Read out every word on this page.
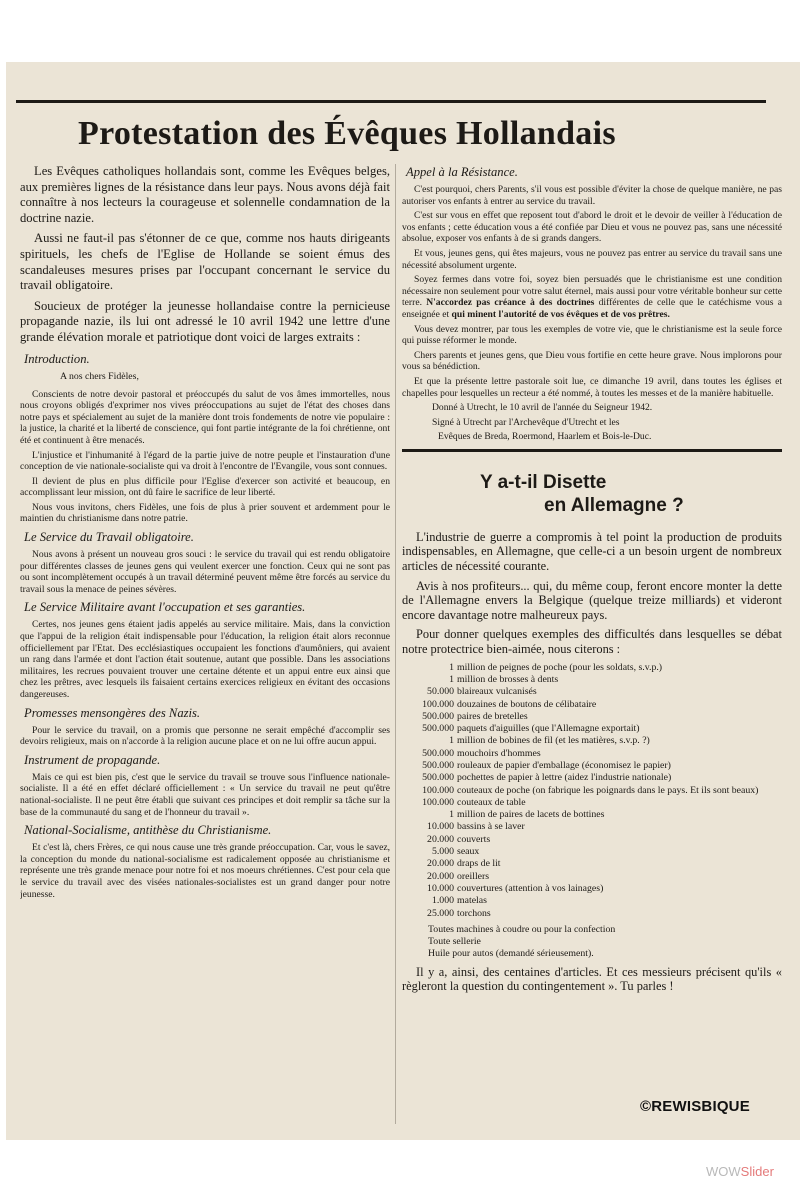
Protestation des Évêques Hollandais

Les Evêques catholiques hollandais sont, comme les Evêques belges, aux premières lignes de la résistance dans leur pays. Nous avons déjà fait connaître à nos lecteurs la courageuse et solennelle condamnation de la doctrine nazie.

Aussi ne faut-il pas s'étonner de ce que, comme nos hauts dirigeants spirituels, les chefs de l'Eglise de Hollande se soient émus des scandaleuses mesures prises par l'occupant concernant le service du travail obligatoire.

Soucieux de protéger la jeunesse hollandaise contre la pernicieuse propagande nazie, ils lui ont adressé le 10 avril 1942 une lettre d'une grande élévation morale et patriotique dont voici de larges extraits :

Introduction.
A nos chers Fidèles,

Conscients de notre devoir pastoral et préoccupés du salut de vos âmes immortelles, nous nous croyons obligés d'exprimer nos vives préoccupations au sujet de l'état des choses dans notre pays et spécialement au sujet de la manière dont trois fondements de notre vie populaire : la justice, la charité et la liberté de conscience, qui font partie intégrante de la foi chrétienne, ont été et continuent à être menacés.

L'injustice et l'inhumanité à l'égard de la partie juive de notre peuple et l'instauration d'une conception de vie nationale-socialiste qui va droit à l'encontre de l'Evangile, vous sont connues.

Il devient de plus en plus difficile pour l'Eglise d'exercer son activité et beaucoup, en accomplissant leur mission, ont dû faire le sacrifice de leur liberté.

Nous vous invitons, chers Fidèles, une fois de plus à prier souvent et ardemment pour le maintien du christianisme dans notre patrie.

Le Service du Travail obligatoire.

Nous avons à présent un nouveau gros souci : le service du travail qui est rendu obligatoire pour différentes classes de jeunes gens qui veulent exercer une fonction. Ceux qui ne sont pas ou sont incomplètement occupés à un travail déterminé peuvent même être forcés au service du travail sous la menace de peines sévères.

Le Service Militaire avant l'occupation et ses garanties.

Certes, nos jeunes gens étaient jadis appelés au service militaire. Mais, dans la conviction que l'appui de la religion était indispensable pour l'éducation, la religion était alors reconnue officiellement par l'Etat. Des ecclésiastiques occupaient les fonctions d'aumôniers, qui avaient un rang dans l'armée et dont l'action était soutenue, autant que possible. Dans les associations militaires, les recrues pouvaient trouver une certaine détente et un appui entre eux ainsi que chez les prêtres, avec lesquels ils faisaient certains exercices religieux en évitant des occasions dangereuses.

Promesses mensongères des Nazis.

Pour le service du travail, on a promis que personne ne serait empêché d'accomplir ses devoirs religieux, mais on n'accorde à la religion aucune place et on ne lui offre aucun appui.

Instrument de propagande.

Mais ce qui est bien pis, c'est que le service du travail se trouve sous l'influence nationale-socialiste. Il a été en effet déclaré officiellement : « Un service du travail ne peut qu'être national-socialiste. Il ne peut être établi que suivant ces principes et doit remplir sa tâche sur la base de la communauté du sang et de l'honneur du travail ».

National-Socialisme, antithèse du Christianisme.

Et c'est là, chers Frères, ce qui nous cause une très grande préoccupation. Car, vous le savez, la conception du monde du national-socialisme est radicalement opposée au christianisme et représente une très grande menace pour notre foi et nos moeurs chrétiennes. C'est pour cela que le service du travail avec des visées nationales-socialistes est un grand danger pour notre jeunesse.

Appel à la Résistance.

C'est pourquoi, chers Parents, s'il vous est possible d'éviter la chose de quelque manière, ne pas autoriser vos enfants à entrer au service du travail.

C'est sur vous en effet que reposent tout d'abord le droit et le devoir de veiller à l'éducation de vos enfants ; cette éducation vous a été confiée par Dieu et vous ne pouvez pas, sans une nécessité absolue, exposer vos enfants à de si grands dangers.

Et vous, jeunes gens, qui êtes majeurs, vous ne pouvez pas entrer au service du travail sans une nécessité absolument urgente.

Soyez fermes dans votre foi, soyez bien persuadés que le christianisme est une condition nécessaire non seulement pour votre salut éternel, mais aussi pour votre véritable bonheur sur cette terre. N'accordez pas créance à des doctrines différentes de celle que le catéchisme vous a enseignée et qui minent l'autorité de vos évêques et de vos prêtres.

Vous devez montrer, par tous les exemples de votre vie, que le christianisme est la seule force qui puisse réformer le monde.

Chers parents et jeunes gens, que Dieu vous fortifie en cette heure grave. Nous implorons pour vous sa bénédiction.

Et que la présente lettre pastorale soit lue, ce dimanche 19 avril, dans toutes les églises et chapelles pour lesquelles un recteur a été nommé, à toutes les messes et de la manière habituelle.

Donné à Utrecht, le 10 avril de l'année du Seigneur 1942.

Signé à Utrecht par l'Archevêque d'Utrecht et les

Evêques de Breda, Roermond, Haarlem et Bois-le-Duc.

Y a-t-il Disette
en Allemagne ?

L'industrie de guerre a compromis à tel point la production de produits indispensables, en Allemagne, que celle-ci a un besoin urgent de nombreux articles de nécessité courante.

Avis à nos profiteurs... qui, du même coup, feront encore monter la dette de l'Allemagne envers la Belgique (quelque treize milliards) et videront encore davantage notre malheureux pays.

Pour donner quelques exemples des difficultés dans lesquelles se débat notre protectrice bien-aimée, nous citerons :

1 million de peignes de poche (pour les soldats, s.v.p.)
1 million de brosses à dents
50.000 blaireaux vulcanisés
100.000 douzaines de boutons de célibataire
500.000 paires de bretelles
500.000 paquets d'aiguilles (que l'Allemagne exportait)
1 million de bobines de fil (et les matières, s.v.p. ?)
500.000 mouchoirs d'hommes
500.000 rouleaux de papier d'emballage (économisez le papier)
500.000 pochettes de papier à lettre (aidez l'industrie nationale)
100.000 couteaux de poche (on fabrique les poignards dans le pays. Et ils sont beaux)
100.000 couteaux de table
1 million de paires de lacets de bottines
10.000 bassins à se laver
20.000 couverts
5.000 seaux
20.000 draps de lit
20.000 oreillers
10.000 couvertures (attention à vos lainages)
1.000 matelas
25.000 torchons
Toutes machines à coudre ou pour la confection
Toute sellerie
Huile pour autos (demandé sérieusement).

Il y a, ainsi, des centaines d'articles. Et ces messieurs précisent qu'ils « règleront la question du contingentement ». Tu parles !

©REWISBIQUE
WOWSlider
